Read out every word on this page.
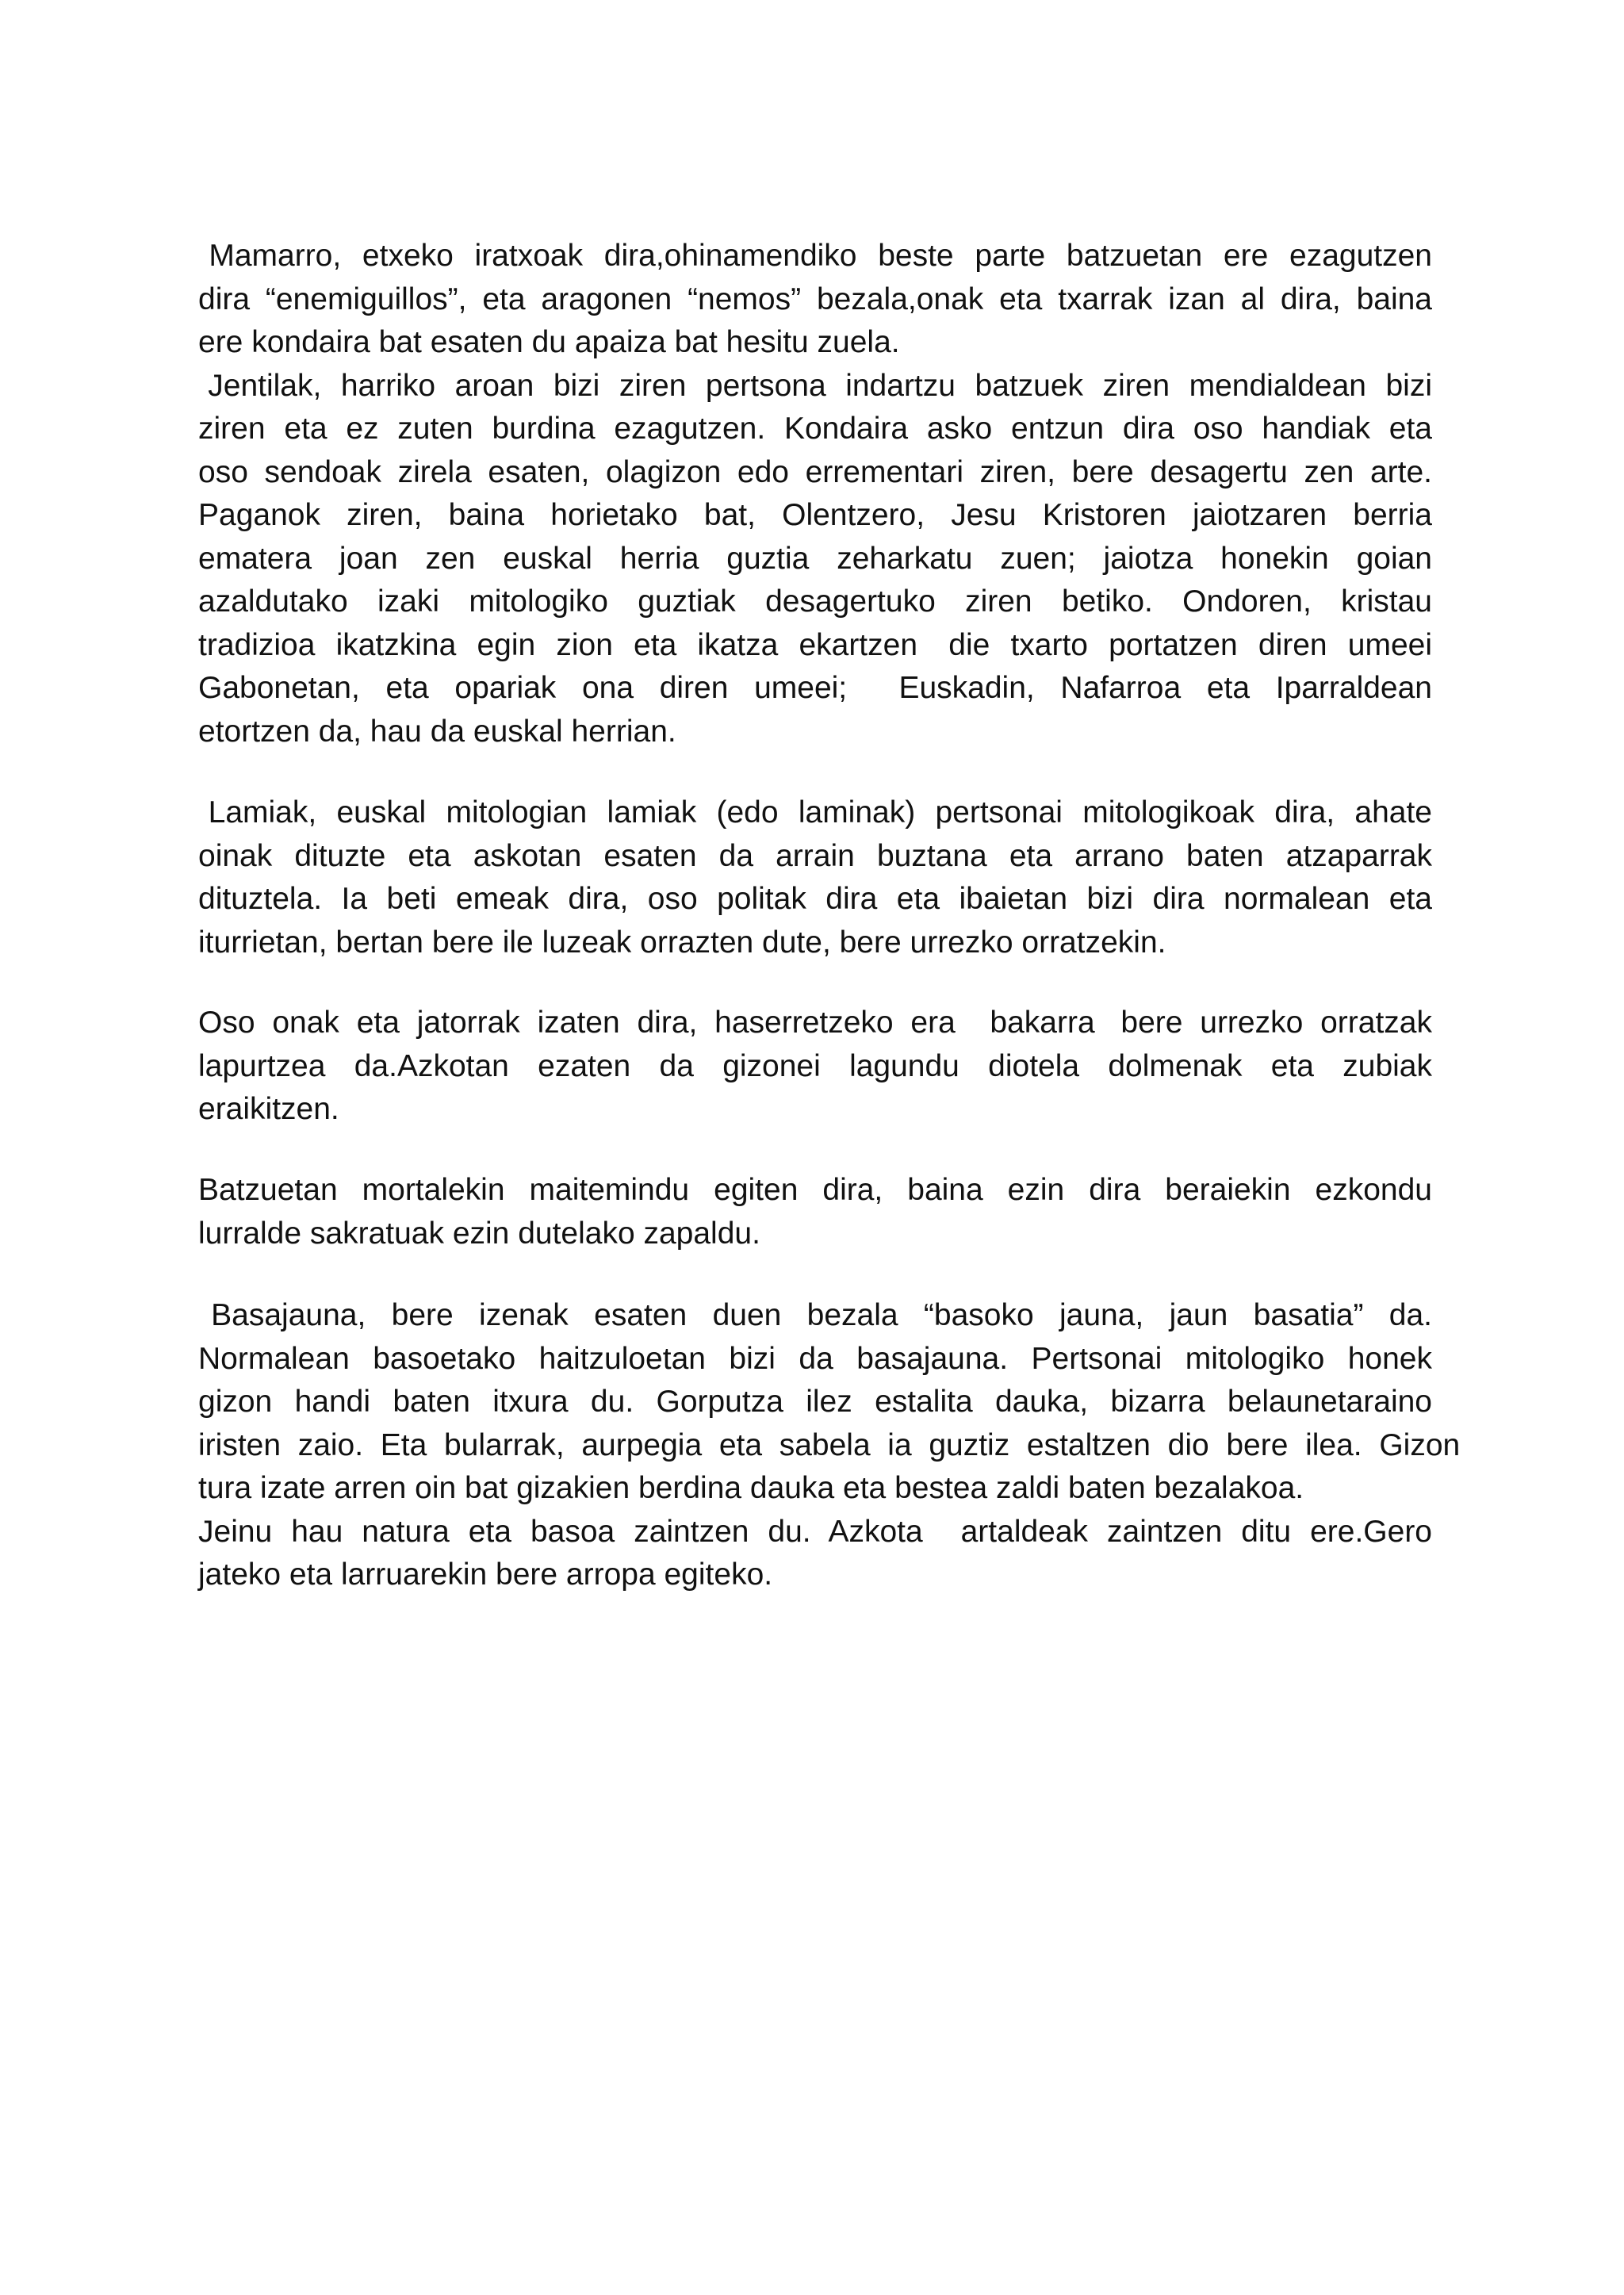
Mamarro,  etxeko  iratxoak  dira,ohinamendiko  beste  parte  batzuetan  ere  ezagutzen
dira “enemiguillos”, eta aragonen “nemos” bezala,onak eta txarrak izan al dira, baina
ere kondaira bat esaten du apaiza bat hesitu zuela.
Jentilak,  harriko  aroan  bizi  ziren  pertsona  indartzu  batzuek  ziren  mendialdean  bizi
ziren  eta  ez  zuten  burdina  ezagutzen.  Kondaira  asko  entzun  dira  oso  handiak  eta
oso sendoak zirela esaten, olagizon edo errementari ziren, bere desagertu zen arte.
Paganok  ziren,  baina  horietako  bat,  Olentzero,  Jesu  Kristoren  jaiotzaren  berria
ematera  joan  zen  euskal  herria  guztia  zeharkatu  zuen;  jaiotza  honekin  goian
azaldutako  izaki  mitologiko  guztiak  desagertuko  ziren  betiko.  Ondoren,  kristau
tradizioa  ikatzkina  egin  zion  eta  ikatza  ekartzen   die  txarto  portatzen  diren  umeei
Gabonetan,  eta  opariak  ona  diren  umeei;    Euskadin,  Nafarroa  eta  Iparraldean
etortzen da, hau da euskal herrian.
Lamiak,  euskal  mitologian  lamiak  (edo  laminak)  pertsonai  mitologikoak  dira,  ahate
oinak  dituzte  eta  askotan  esaten  da  arrain  buztana  eta  arrano  baten  atzaparrak
dituztela.  Ia  beti  emeak  dira,  oso  politak  dira  eta  ibaietan  bizi  dira  normalean  eta
iturrietan, bertan bere ile luzeak orrazten dute, bere urrezko orratzekin.
Oso  onak  eta  jatorrak  izaten  dira,  haserretzeko  era    bakarra   bere  urrezko  orratzak
lapurtzea   da.Azkotan   ezaten   da   gizonei   lagundu   diotela   dolmenak   eta   zubiak
eraikitzen.
Batzuetan  mortalekin  maitemindu  egiten  dira,  baina  ezin  dira  beraiekin  ezkondu
lurralde sakratuak ezin dutelako zapaldu.
Basajauna,  bere  izenak  esaten  duen  bezala  “basoko  jauna,  jaun  basatia”  da.
Normalean  basoetako  haitzuloetan  bizi  da  basajauna.  Pertsonai  mitologiko  honek
gizon  handi  baten  itxura  du.  Gorputza  ilez  estalita  dauka,  bizarra  belaunetaraino
iristen  zaio.  Eta  bularrak,  aurpegia  eta  sabela  ia  guztiz  estaltzen  dio  bere  ilea.  Gizon
tura izate arren oin bat gizakien berdina dauka eta bestea zaldi baten bezalakoa.
Jeinu  hau  natura  eta  basoa  zaintzen  du.  Azkota    artaldeak  zaintzen  ditu  ere.Gero
jateko eta larruarekin bere arropa egiteko.
